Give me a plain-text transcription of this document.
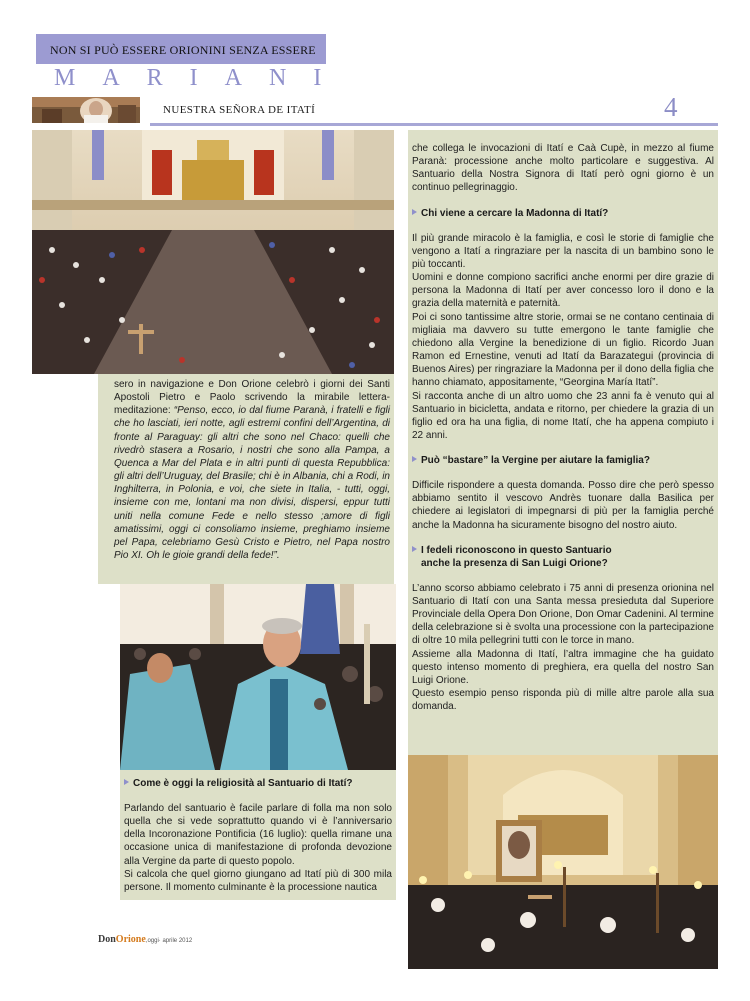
NON SI PUÒ ESSERE ORIONINI SENZA ESSERE
MARIANI
NUESTRA SEÑORA DE ITATÍ	4
sero in navigazione e Don Orione celebrò i giorni dei Santi Apostoli Pietro e Paolo scrivendo la mirabile lettera-meditazione: “Penso, ecco, io dal fiume Paranà, i fratelli e figli che ho lasciati, ieri notte, agli estremi confini dell’Argentina, di fronte al Paraguay: gli altri che sono nel Chaco: quelli che rivedrò stasera a Rosario, i nostri che sono alla Pampa, a Quenca a Mar del Plata e in altri punti di questa Repubblica: gli altri dell’Uruguay, del Brasile; chi è in Albania, chi a Rodi, in Inghilterra, in Polonia, e voi, che siete in Italia, - tutti, oggi, insieme con me, lontani ma non divisi, dispersi, eppur tutti uniti nella comune Fede e nello stesso ;amore di figli amatissimi, oggi ci consoliamo insieme, preghiamo insieme pel Papa, celebriamo Gesù Cristo e Pietro, nel Papa nostro Pio XI. Oh le gioie grandi della fede!”.
Come è oggi la religiosità al Santuario di Itatí?

Parlando del santuario è facile parlare di folla ma non solo quella che si vede soprattutto quando vi è l’anniversario della Incoronazione Pontificia (16 luglio): quella rimane una occasione unica di manifestazione di profonda devozione alla Vergine da parte di questo popolo.

Si calcola che quel giorno giungano ad Itatí più di 300 mila persone. Il momento culminante è la processione nautica

che collega le invocazioni di Itatí e Caà Cupè, in mezzo al fiume Paranà: processione anche molto particolare e suggestiva. Al Santuario della Nostra Signora di Itatí però ogni giorno è un continuo pellegrinaggio.

Chi viene a cercare la Madonna di Itatí?

Il più grande miracolo è la famiglia, e così le storie di famiglie che vengono a Itatí a ringraziare per la nascita di un bambino sono le più toccanti.

Uomini e donne compiono sacrifici anche enormi per dire grazie di persona la Madonna di Itatí per aver concesso loro il dono e la grazia della maternità e paternità.

Poi ci sono tantissime altre storie, ormai se ne contano centinaia di migliaia ma davvero su tutte emergono le tante famiglie che chiedono alla Vergine la benedizione di un figlio. Ricordo Juan Ramon ed Ernestine, venuti ad Itatí da Barazategui (provincia di Buenos Aires) per ringraziare la Madonna per il dono della figlia che hanno chiamato, appositamente, “Georgina María Itatí”.

Si racconta anche di un altro uomo che 23 anni fa è venuto qui al Santuario in bicicletta, andata e ritorno, per chiedere la grazia di un figlio ed ora ha una figlia, di nome Itatí, che ha appena compiuto i 22 anni.

Può “bastare” la Vergine per aiutare la famiglia?

Difficile rispondere a questa domanda. Posso dire che però spesso abbiamo sentito il vescovo Andrès tuonare dalla Basilica per chiedere ai legislatori di impegnarsi di più per la famiglia perché anche la Madonna ha sicuramente bisogno del nostro aiuto.

I fedeli riconoscono in questo Santuario
anche la presenza di San Luigi Orione?

L’anno scorso abbiamo celebrato i 75 anni di presenza orionina nel Santuario di Itatí con una Santa messa presieduta dal Superiore Provinciale della Opera Don Orione, Don Omar Cadenini. Al termine della celebrazione si è svolta una processione con la partecipazione di oltre 10 mila pellegrini tutti con le torce in mano.

Assieme alla Madonna di Itatí, l’altra immagine che ha guidato questo intenso momento di preghiera, era quella del nostro San Luigi Orione.

Questo esempio penso risponda più di mille altre parole alla sua domanda.

DonOrione,oggi· aprile 2012
